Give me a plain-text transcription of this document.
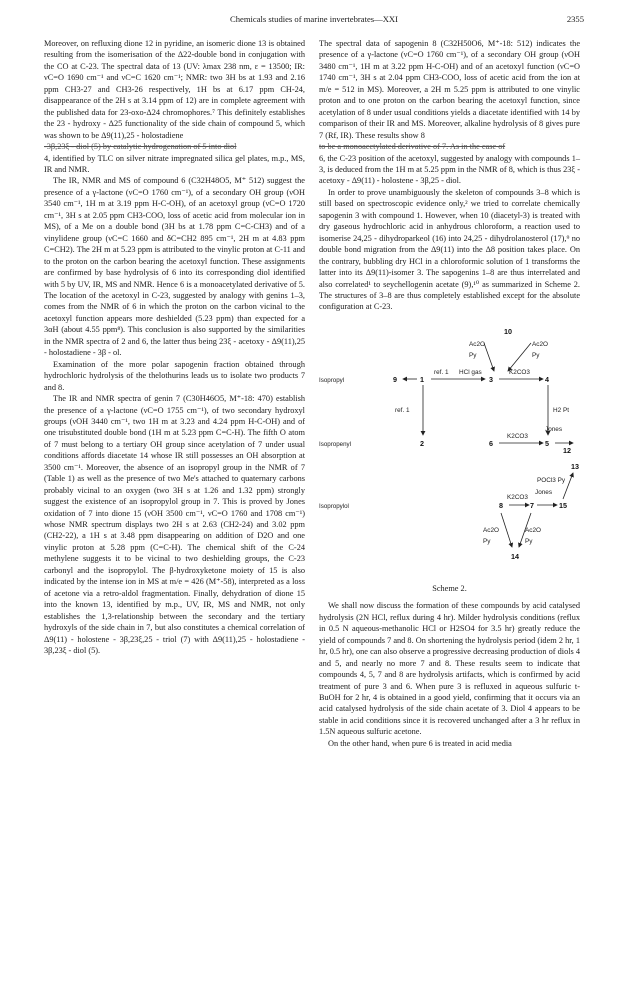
Chemicals studies of marine invertebrates—XXI	2355

Moreover, on refluxing dione 12 in pyridine, an isomeric dione 13 is obtained resulting from the isomerisation of the Δ22-double bond in conjugation with the CO at C-23. The spectral data of 13 (UV: λmax 238 nm, ε = 13500; IR: νC=O 1690 cm⁻¹ and νC=C 1620 cm⁻¹; NMR: two 3H bs at 1.93 and 2.16 ppm CH3-27 and CH3-26 respectively, 1H bs at 6.17 ppm CH-24, disappearance of the 2H s at 3.14 ppm of 12) are in complete agreement with the published data for 23-oxo-Δ24 chromophores.⁷ This definitely establishes the 23 - hydroxy - Δ25 functionality of the side chain of compound 5, which was shown to be Δ9(11),25 - holostadiene

-3β,23ξ - diol (5) by catalytic hydrogenation of 5 into diol

4, identified by TLC on silver nitrate impregnated silica gel plates, m.p., MS, IR and NMR.

The IR, NMR and MS of compound 6 (C32H48O5, M⁺ 512) suggest the presence of a γ-lactone (νC=O 1760 cm⁻¹), of a secondary OH group (νOH 3540 cm⁻¹, 1H m at 3.19 ppm H-C-OH), of an acetoxyl group (νC=O 1720 cm⁻¹, 3H s at 2.05 ppm CH3-COO, loss of acetic acid from molecular ion in MS), of a Me on a double bond (3H bs at 1.78 ppm C=C-CH3) and of a vinylidene group (νC=C 1660 and δC=CH2 895 cm⁻¹, 2H m at 4.83 ppm C=CH2). The 2H m at 5.23 ppm is attributed to the vinylic proton at C-11 and to the proton on the carbon bearing the acetoxyl function. These assignments are confirmed by base hydrolysis of 6 into its corresponding diol identified with 5 by UV, IR, MS and NMR. Hence 6 is a monoacetylated derivative of 5. The location of the acetoxyl in C-23, suggested by analogy with genins 1–3, comes from the NMR of 6 in which the proton on the carbon vicinal to the acetoxyl function appears more deshielded (5.23 ppm) than expected for a 3αH (about 4.55 ppm⁸). This conclusion is also supported by the similarities in the NMR spectra of 2 and 6, the latter thus being 23ξ - acetoxy - Δ9(11),25 - holostadiene - 3β - ol.

Examination of the more polar sapogenin fraction obtained through hydrochloric hydrolysis of the thelothurins leads us to isolate two products 7 and 8.

The IR and NMR spectra of genin 7 (C30H46O5, M⁺-18: 470) establish the presence of a γ-lactone (νC=O 1755 cm⁻¹), of two secondary hydroxyl groups (νOH 3440 cm⁻¹, two 1H m at 3.23 and 4.24 ppm H-C-OH) and of one trisubstituted double bond (1H m at 5.23 ppm C=C-H). The fifth O atom of 7 must belong to a tertiary OH group since acetylation of 7 under usual conditions affords diacetate 14 whose IR still possesses an OH absorption at 3500 cm⁻¹. Moreover, the absence of an isopropyl group in the NMR of 7 (Table 1) as well as the presence of two Me's attached to quaternary carbons probably vicinal to an oxygen (two 3H s at 1.26 and 1.32 ppm) strongly suggest the existence of an isopropylol group in 7. This is proved by Jones oxidation of 7 into dione 15 (νOH 3500 cm⁻¹, νC=O 1760 and 1708 cm⁻¹) whose NMR spectrum displays two 2H s at 2.63 (CH2-24) and 3.02 ppm (CH2-22), a 1H s at 3.48 ppm disappearing on addition of D2O and one vinylic proton at 5.28 ppm (C=C-H). The chemical shift of the C-24 methylene suggests it to be vicinal to two deshielding groups, the C-23 carbonyl and the isopropylol. The β-hydroxyketone moiety of 15 is also indicated by the intense ion in MS at m/e = 426 (M⁺-58), interpreted as a loss of acetone via a retro-aldol fragmentation. Finally, dehydration of dione 15 into the known 13, identified by m.p., UV, IR, MS and NMR, not only establishes the 1,3-relationship between the secondary and the tertiary hydroxyls of the side chain in 7, but also constitutes a chemical correlation of Δ9(11) - holostene - 3β,23ξ,25 - triol (7) with Δ9(11),25 - holostadiene - 3β,23ξ - diol (5).

The spectral data of sapogenin 8 (C32H50O6, M⁺-18: 512) indicates the presence of a γ-lactone (νC=O 1760 cm⁻¹), of a secondary OH group (νOH 3480 cm⁻¹, 1H m at 3.22 ppm H-C-OH) and of an acetoxyl function (νC=O 1740 cm⁻¹, 3H s at 2.04 ppm CH3-COO, loss of acetic acid from the ion at m/e = 512 in MS). Moreover, a 2H m 5.25 ppm is attributed to one vinylic proton and to one proton on the carbon bearing the acetoxyl function, since acetylation of 8 under usual conditions yields a diacetate identified with 14 by comparison of their IR and MS. Moreover, alkaline hydrolysis of 8 gives pure 7 (Rf, IR). These results show 8

to be a monoacetylated derivative of 7. As in the case of

6, the C-23 position of the acetoxyl, suggested by analogy with compounds 1–3, is deduced from the 1H m at 5.25 ppm in the NMR of 8, which is thus 23ξ - acetoxy - Δ9(11) - holostene - 3β,25 - diol.

In order to prove unambiguously the skeleton of compounds 3–8 which is still based on spectroscopic evidence only,² we tried to correlate chemically sapogenin 3 with compound 1. However, when 10 (diacetyl-3) is treated with dry gaseous hydrochloric acid in anhydrous chloroform, a reaction used to isomerise 24,25 - dihydroparkeol (16) into 24,25 - dihydrolanosterol (17),⁹ no double bond migration from the Δ9(11) into the Δ8 position takes place. On the contrary, bubbling dry HCl in a chloroformic solution of 1 transforms the latter into its Δ9(11)-isomer 3. The sapogenins 1–8 are thus interrelated and also correlated¹ to seychellogenin acetate (9),¹⁰ as summarized in Scheme 2. The structures of 3–8 are thus completely established except for the absolute configuration at C-23.

Isopropyl
Isopropenyl
Isopropylol
9	1	3	4
10
2	6	5
12
13
8	7	15
14
ref. 1 HCl gas	K2CO3
ref. 1	H2 Pt
K2CO3
Jones
POCl3 Py
K2CO3
Jones
Ac2O Py
Ac2O Py
Ac2O Py
Ac2O Py
Scheme 2.

We shall now discuss the formation of these compounds by acid catalysed hydrolysis (2N HCl, reflux during 4 hr). Milder hydrolysis conditions (reflux in 0.5 N aqueous-methanolic HCl or H2SO4 for 3.5 hr) greatly reduce the yield of compounds 7 and 8. On shortening the hydrolysis period (idem 2 hr, 1 hr, 0.5 hr), one can also observe a progressive decreasing production of diols 4 and 5, and nearly no more 7 and 8. These results seem to indicate that compounds 4, 5, 7 and 8 are hydrolysis artifacts, which is confirmed by acid treatment of pure 3 and 6. When pure 3 is refluxed in aqueous sulfuric t-BuOH for 2 hr, 4 is obtained in a good yield, confirming that it occurs via an acid catalysed hydrolysis of the side chain acetate of 3. Diol 4 appears to be stable in acid conditions since it is recovered unchanged after a 3 hr reflux in 1.5N aqueous sulfuric acetone.

On the other hand, when pure 6 is treated in acid media
